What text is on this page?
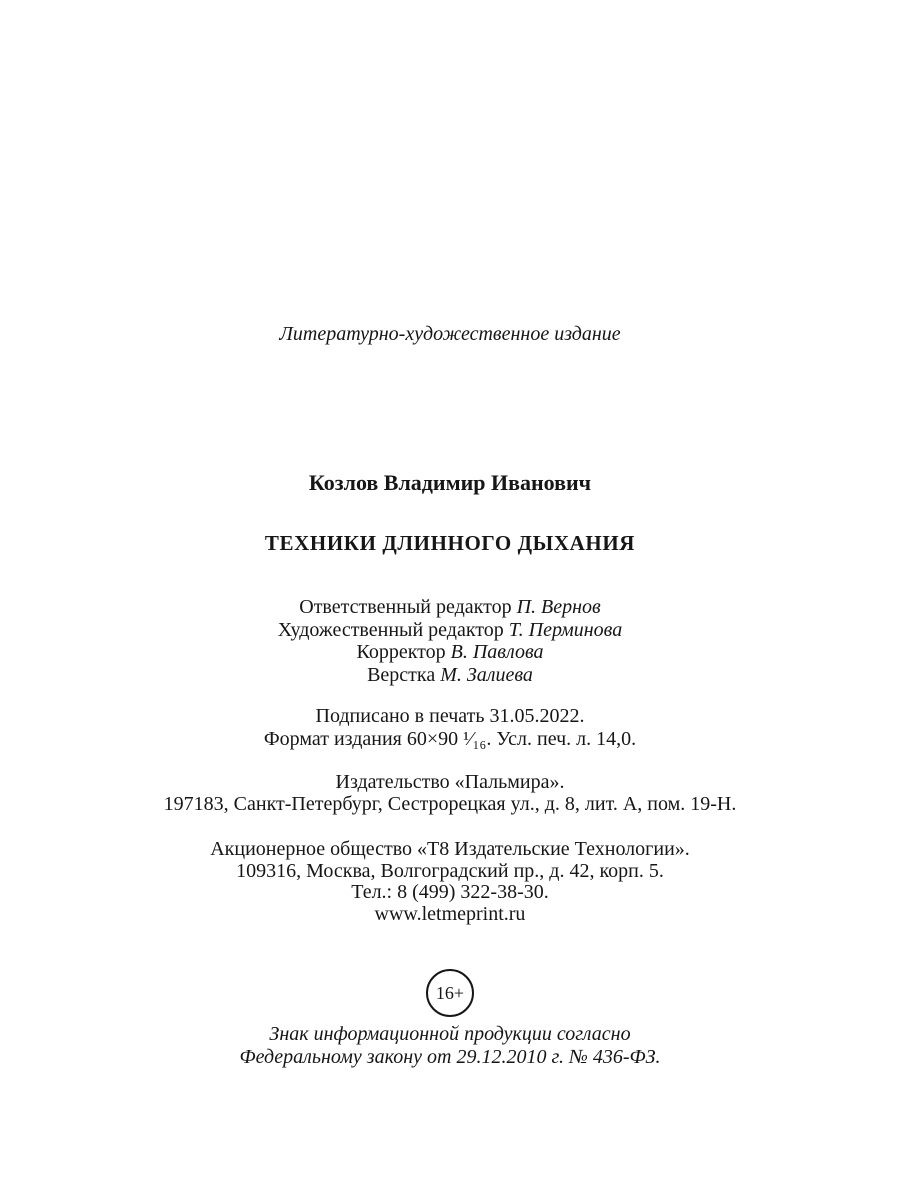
Литературно-художественное издание
Козлов Владимир Иванович
ТЕХНИКИ ДЛИННОГО ДЫХАНИЯ
Ответственный редактор П. Вернов
Художественный редактор Т. Перминова
Корректор В. Павлова
Верстка М. Залиева
Подписано в печать 31.05.2022.
Формат издания 60×90 ¹⁄₁₆. Усл. печ. л. 14,0.
Издательство «Пальмира».
197183, Санкт-Петербург, Сестрорецкая ул., д. 8, лит. А, пом. 19-Н.
Акционерное общество «Т8 Издательские Технологии».
109316, Москва, Волгоградский пр., д. 42, корп. 5.
Тел.: 8 (499) 322-38-30.
www.letmeprint.ru
16+
Знак информационной продукции согласно
Федеральному закону от 29.12.2010 г. № 436-ФЗ.
